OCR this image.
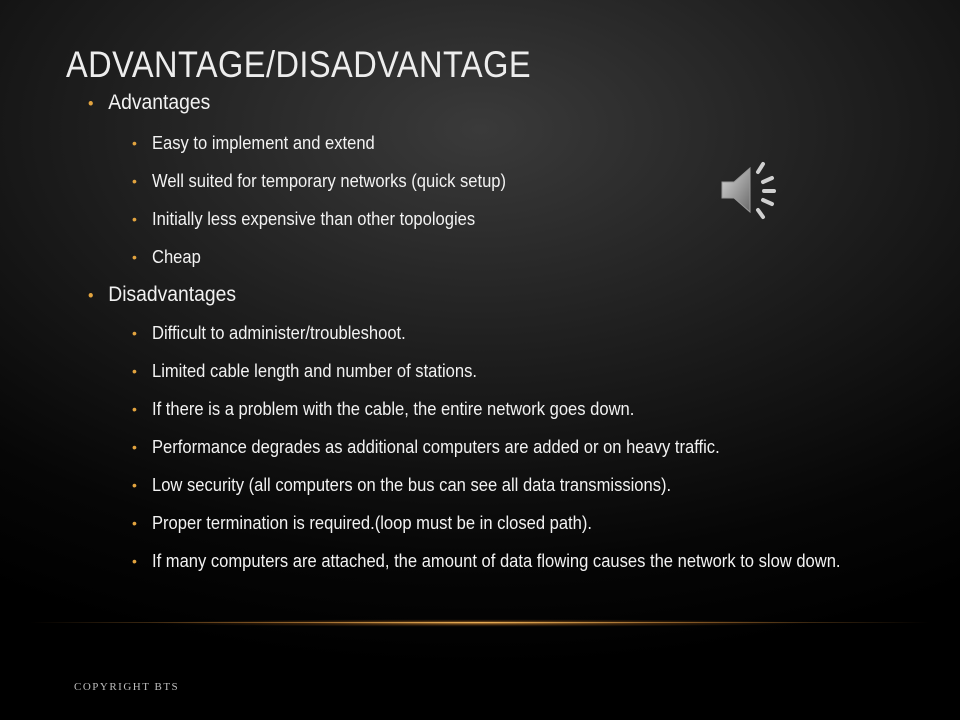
ADVANTAGE/DISADVANTAGE
• Advantages
• Easy to implement and extend
• Well suited for temporary networks (quick setup)
• Initially less expensive than other topologies
• Cheap
• Disadvantages
• Difficult to administer/troubleshoot.
• Limited cable length and number of stations.
• If there is a problem with the cable, the entire network goes down.
• Performance degrades as additional computers are added or on heavy traffic.
• Low security (all computers on the bus can see all data transmissions).
• Proper termination is required.(loop must be in closed path).
• If many computers are attached, the amount of data flowing causes the network to slow down.
COPYRIGHT BTS
